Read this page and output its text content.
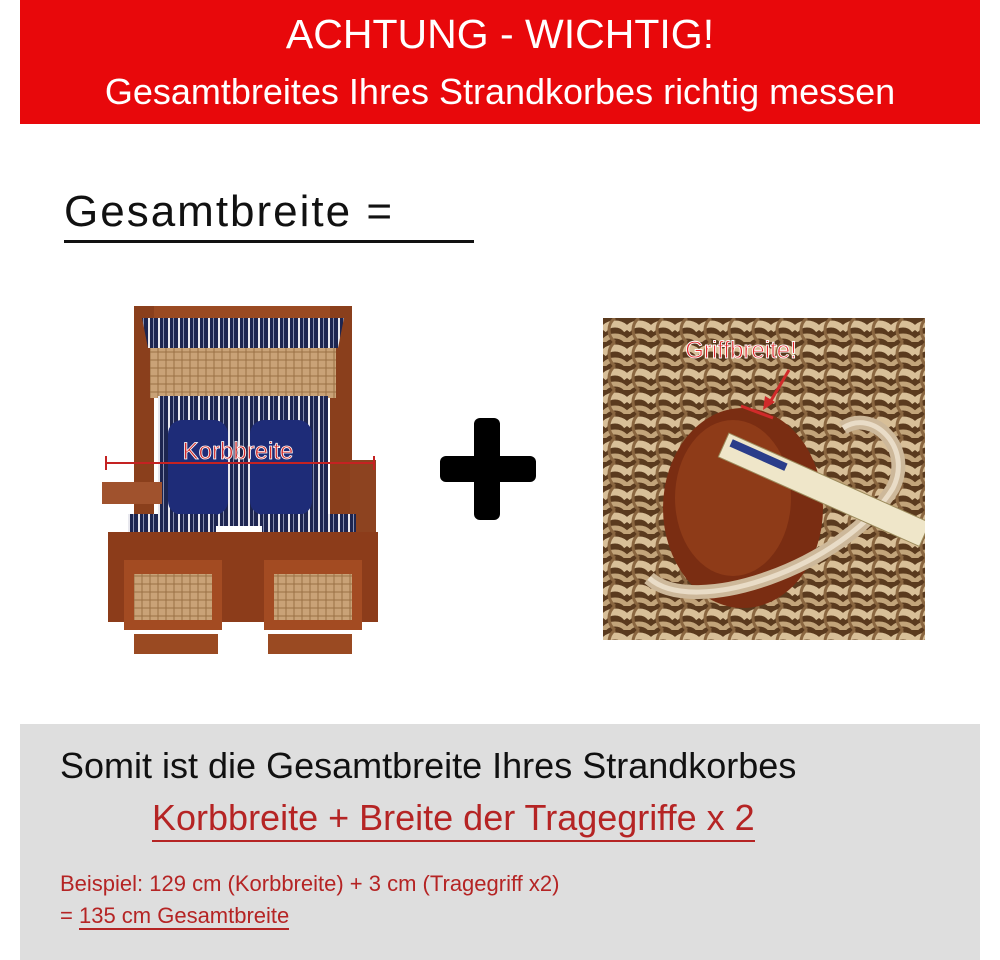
ACHTUNG - WICHTIG!
Gesamtbreites Ihres Strandkorbes richtig messen
Gesamtbreite =
Korbbreite
Griffbreite!
Somit ist die Gesamtbreite Ihres Strandkorbes
Korbbreite + Breite der Tragegriffe x 2
Beispiel: 129 cm (Korbbreite) + 3 cm (Tragegriff x2)
= 135 cm Gesamtbreite
